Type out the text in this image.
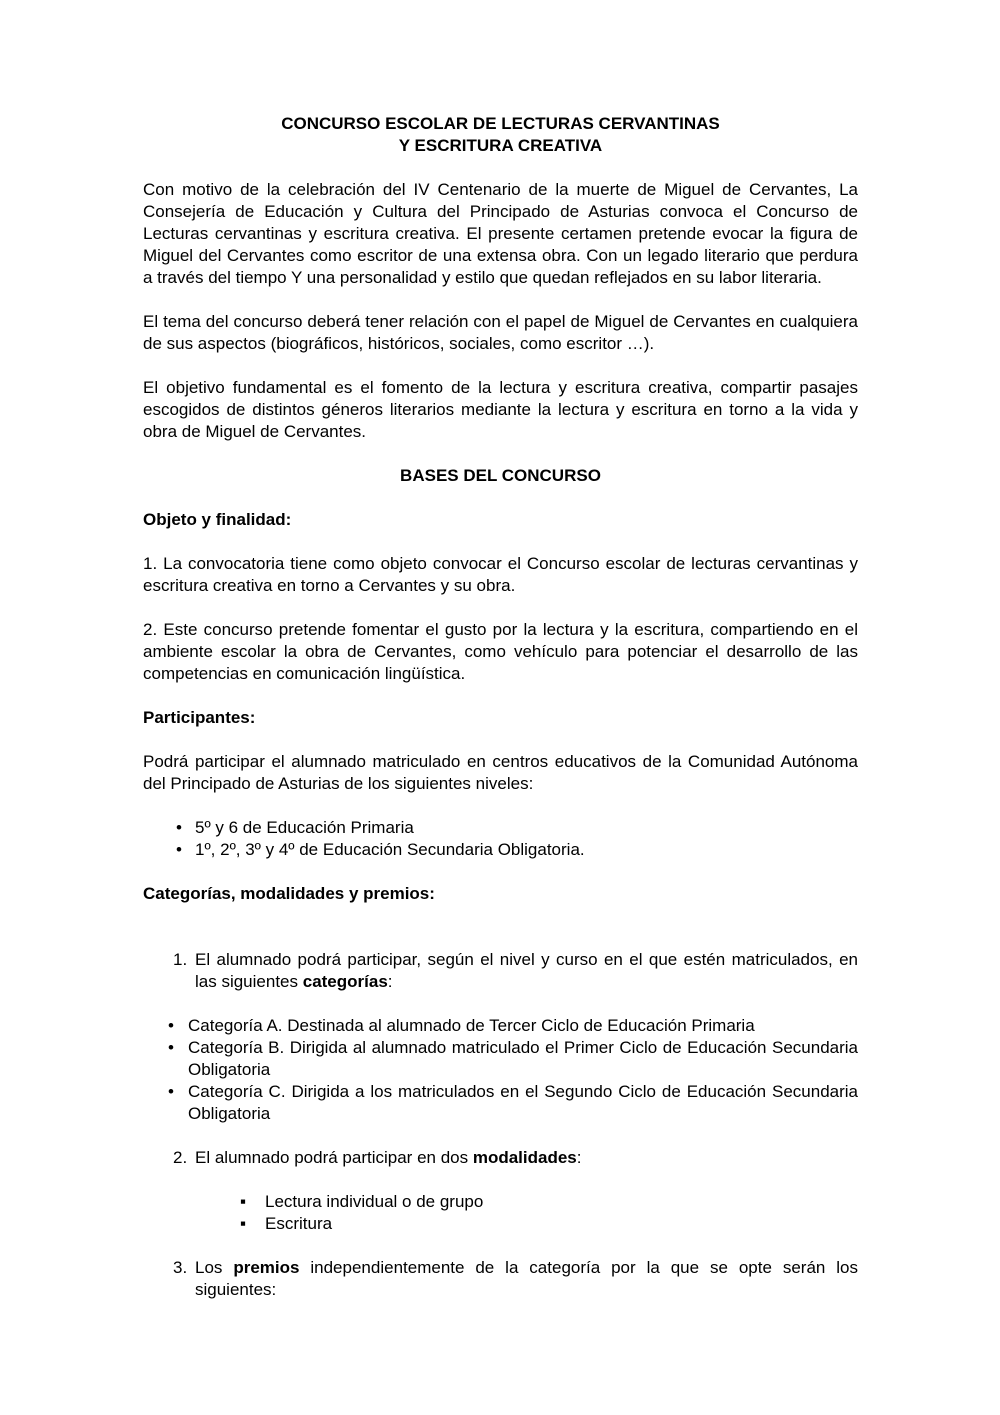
CONCURSO ESCOLAR DE LECTURAS CERVANTINAS
Y ESCRITURA CREATIVA

Con motivo de la celebración del IV Centenario de la muerte de Miguel de Cervantes, La Consejería de Educación y Cultura del Principado de Asturias convoca el Concurso de Lecturas cervantinas y escritura creativa. El presente certamen pretende evocar la figura de Miguel del Cervantes como escritor de una extensa obra. Con un legado literario que perdura a través del tiempo Y una personalidad y estilo que quedan reflejados en su labor literaria.

El tema del concurso deberá tener relación con el papel de Miguel de Cervantes en cualquiera de sus aspectos (biográficos, históricos, sociales, como escritor …).

El objetivo fundamental es el fomento de la lectura y escritura creativa, compartir pasajes escogidos de distintos géneros literarios mediante la lectura y escritura en torno a la vida y obra de Miguel de Cervantes.

BASES DEL CONCURSO
Objeto y finalidad:

1. La convocatoria tiene como objeto convocar el Concurso escolar de lecturas cervantinas y escritura creativa en torno a Cervantes y su obra.

2. Este concurso pretende fomentar el gusto por la lectura y la escritura, compartiendo en el ambiente escolar la obra de Cervantes, como vehículo para potenciar el desarrollo de las competencias en comunicación lingüística.

Participantes:

Podrá participar el alumnado matriculado en centros educativos de la Comunidad Autónoma del Principado de Asturias de los siguientes niveles:

• 5º y 6 de Educación Primaria
• 1º, 2º, 3º y 4º de Educación Secundaria Obligatoria.
Categorías, modalidades y premios:
1. El alumnado podrá participar, según el nivel y curso en el que estén matriculados, en las siguientes categorías:
• Categoría A. Destinada al alumnado de Tercer Ciclo de Educación Primaria
• Categoría B. Dirigida al alumnado matriculado el Primer Ciclo de Educación Secundaria Obligatoria
• Categoría C. Dirigida a los matriculados en el Segundo Ciclo de Educación Secundaria Obligatoria
2. El alumnado podrá participar en dos modalidades:
▪	Lectura individual o de grupo
▪	Escritura
3. Los premios independientemente de la categoría por la que se opte serán los siguientes:
